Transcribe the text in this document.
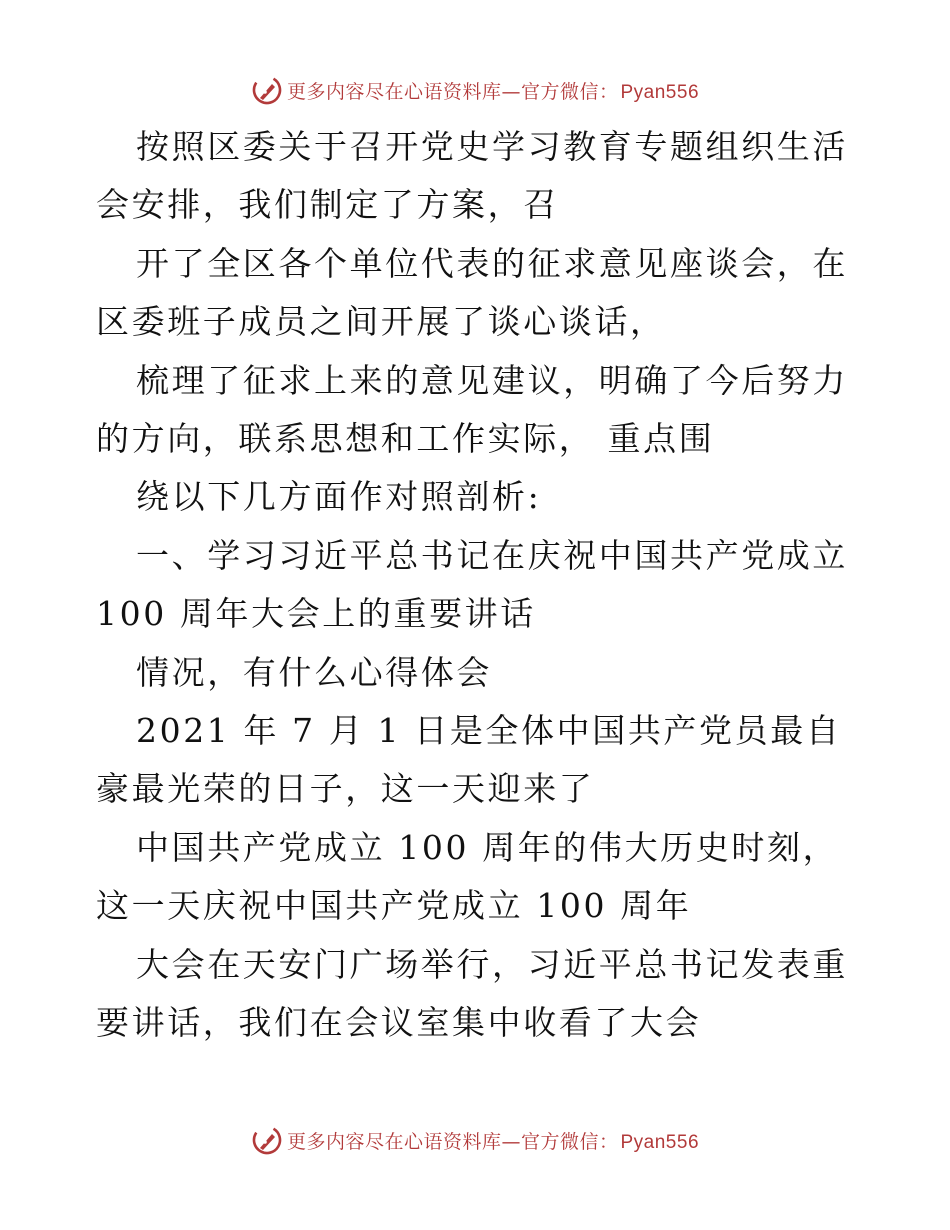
更多内容尽在心语资料库—官方微信： Pyan556

按照区委关于召开党史学习教育专题组织生活会安排，我们制定了方案，召

开了全区各个单位代表的征求意见座谈会，在区委班子成员之间开展了谈心谈话，

梳理了征求上来的意见建议，明确了今后努力的方向，联系思想和工作实际， 重点围

绕以下几方面作对照剖析:

一、学习习近平总书记在庆祝中国共产党成立 100 周年大会上的重要讲话

情况，有什么心得体会

2021 年 7 月 1 日是全体中国共产党员最自豪最光荣的日子，这一天迎来了

中国共产党成立 100 周年的伟大历史时刻，这一天庆祝中国共产党成立 100 周年

大会在天安门广场举行，习近平总书记发表重要讲话，我们在会议室集中收看了大会

更多内容尽在心语资料库—官方微信： Pyan556
